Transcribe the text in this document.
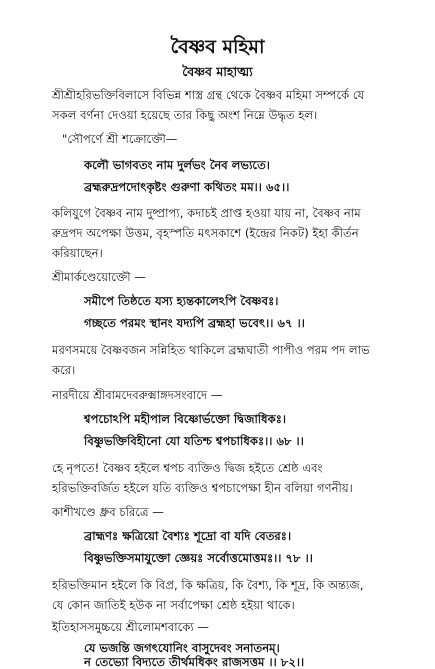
বৈষ্ণব মহিমা
বৈষ্ণব মাহাত্ম্য
শ্রীশ্রীহরিভক্তিবিলাসে বিভিন্ন শাস্ত্র গ্রন্থ থেকে বৈষ্ণব মহিমা সম্পর্কে যে
সকল বর্ণনা দেওয়া হয়েছে তার কিছু অংশ নিম্নে উদ্ধৃত হল।
"সৌপর্ণে শ্রী শক্রোক্তৌ—
কলৌ ভাগবতং নাম দুর্লভং নৈব লভ্যতে।
ব্রহ্মরুদ্রপদোৎকৃষ্টং গুরুণা কথিতং মম।। ৬৫।।
কলিযুগে বৈষ্ণব নাম দুষ্প্রাপ্য, কদাচই প্রাপ্ত হওয়া যায় না, বৈষ্ণব নাম
রুদ্রপদ অপেক্ষা উত্তম, বৃহস্পতি মৎসকাশে (ইন্দ্রের নিকট) ইহা কীর্তন
করিয়াছেন।
শ্রীমার্কণ্ডেয়োক্তৌ —
সমীপে তিষ্ঠতে যস্য হ্যন্তকালেঽপি বৈষ্ণবঃ।
গচ্ছতে পরমং স্থানং যদ্যপি ব্রহ্মহা ভবেৎ।। ৬৭ ।।
মরণসময়ে বৈষ্ণবজন সন্নিহিত থাকিলে ব্রহ্মঘাতী পাপীও পরম পদ লাভ
করে।
নারদীয়ে শ্রীবামদেবরুক্মাঙ্গদসংবাদে —
শ্বপচোঽপি মহীপাল বিষ্ণোর্ভক্তো দ্বিজাধিকঃ।
বিষ্ণুভক্তিবিহীনো যো যতিশ্চ শ্বপচাধিকঃ।। ৬৮ ।।
হে নৃপতে! বৈষ্ণব হইলে শ্বপচ ব্যক্তিও দ্বিজ হইতে শ্রেষ্ঠ এবং
হরিভক্তিবর্জিত হইলে যতি ব্যক্তিও শ্বপচাপেক্ষা হীন বলিয়া গণনীয়।
কাশীখণ্ডে ধ্রুব চরিত্রে —
ব্রাহ্মণঃ ক্ষত্রিয়ো বৈশ্যঃ শূদ্রো বা যদি বেতরঃ।
বিষ্ণুভক্তিসমাযুক্তো জ্ঞেয়ঃ সর্বোত্তমোত্তমঃ।। ৭৮ ।।
হরিভক্তিমান হইলে কি বিপ্র, কি ক্ষত্রিয়, কি বৈশ্য, কি শূদ্র, কি অন্ত্যজ,
যে কোন জাতিই হউক না সর্বাপেক্ষা শ্রেষ্ঠ হইয়া থাকে।
ইতিহাসসমুচ্চয়ে শ্রীলোমশবাক্যে —
যে ভজন্তি জগৎযোনিং বাসুদেবং সনাতনম্।
ন তেভ্যো বিদ্যতে তীর্থমধিকং রাজসত্তম ।। ৮২।।
